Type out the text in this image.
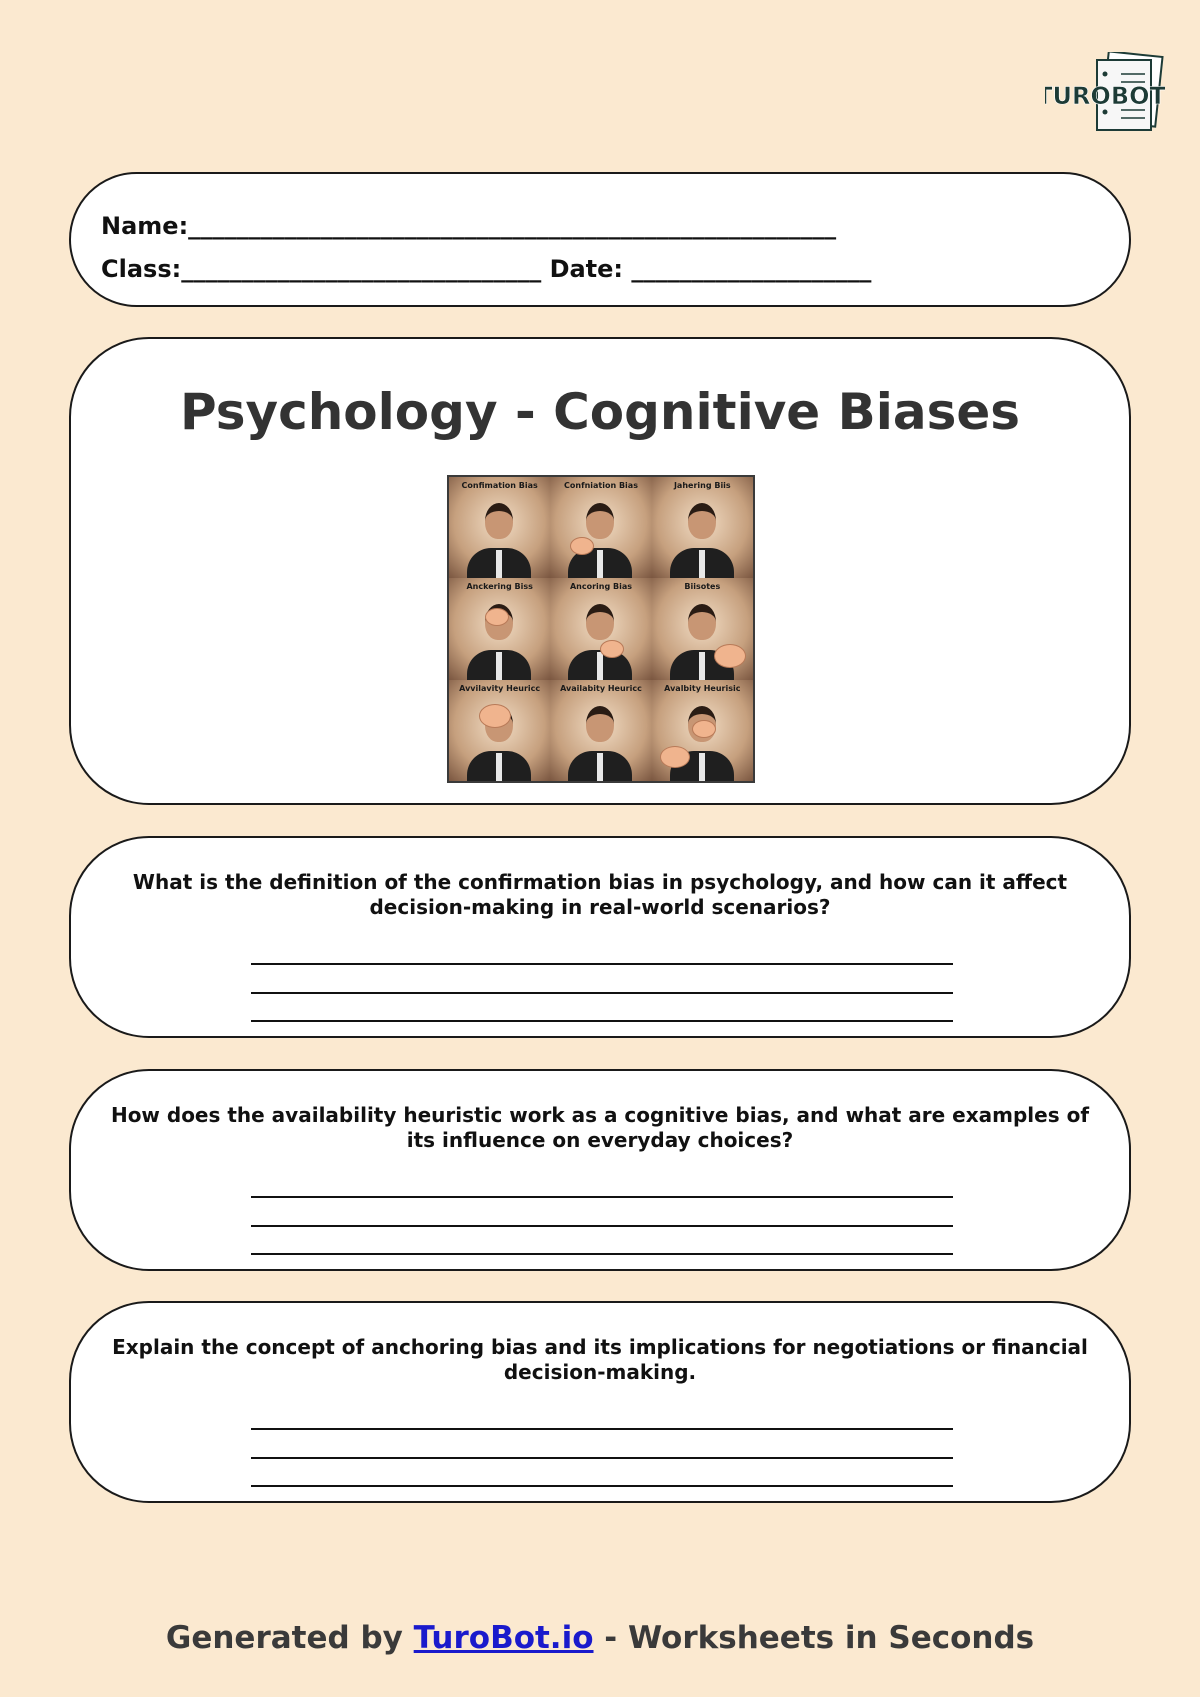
TUROBOT
Name:______________________________________________________
Class:______________________________ Date: ____________________
Psychology - Cognitive Biases
Confimation Bias	Confniation Bias	Jahering Biis
Anckering Biss	Ancoring Bias	Biisotes
Avvilavity Heuricc	Availabity Heuricc	Avalbity Heurisic
What is the definition of the confirmation bias in psychology, and how can it affect decision-making in real-world scenarios?
How does the availability heuristic work as a cognitive bias, and what are examples of its influence on everyday choices?
Explain the concept of anchoring bias and its implications for negotiations or financial decision-making.
Generated by TuroBot.io - Worksheets in Seconds
